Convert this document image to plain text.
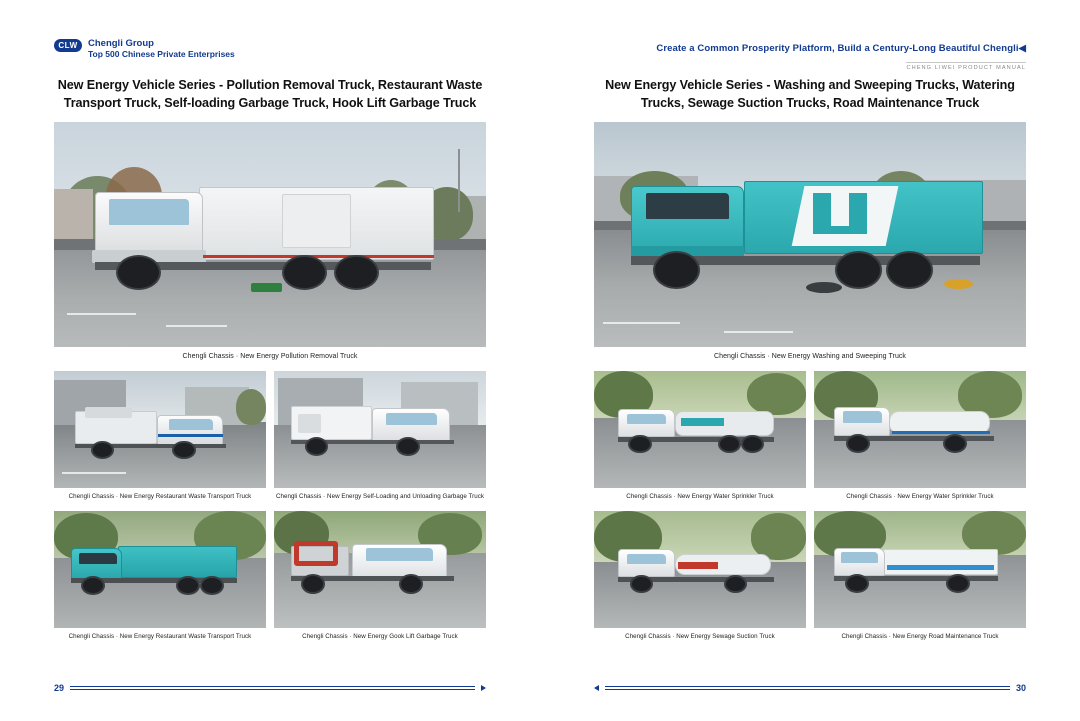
CLW	Chengli Group
Top 500 Chinese Private Enterprises
New Energy Vehicle Series - Pollution Removal Truck, Restaurant Waste Transport Truck, Self-loading Garbage Truck, Hook Lift Garbage Truck
Chengli Chassis · New Energy Pollution Removal Truck
Chengli Chassis · New Energy Restaurant Waste Transport Truck	Chengli Chassis · New Energy Self-Loading and Unloading Garbage Truck
Chengli Chassis · New Energy Restaurant Waste Transport Truck	Chengli Chassis · New Energy Gook Lift Garbage Truck
29
Create a Common Prosperity Platform, Build a Century-Long Beautiful Chengli◀
CHENG LIWEI PRODUCT MANUAL
New Energy Vehicle Series - Washing and Sweeping Trucks, Watering Trucks, Sewage Suction Trucks, Road Maintenance Truck
Chengli Chassis · New Energy Washing and Sweeping Truck
Chengli Chassis · New Energy Water Sprinkler Truck	Chengli Chassis · New Energy Water Sprinkler Truck
Chengli Chassis · New Energy Sewage Suction Truck	Chengli Chassis · New Energy Road Maintenance Truck
30
